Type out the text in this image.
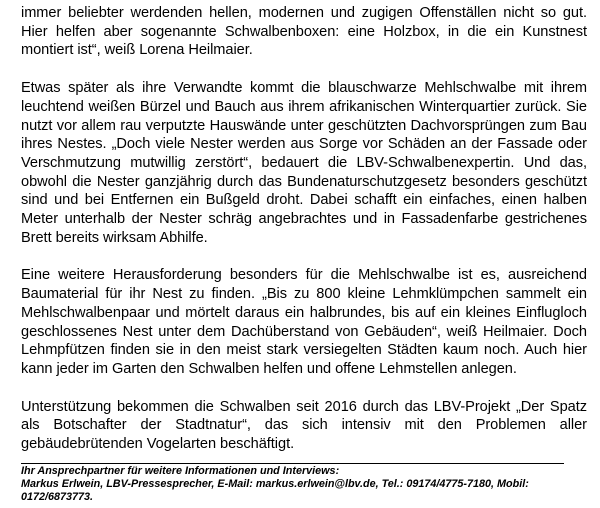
immer beliebter werdenden hellen, modernen und zugigen Offenställen nicht so gut. Hier helfen aber sogenannte Schwalbenboxen: eine Holzbox, in die ein Kunstnest montiert ist“, weiß Lorena Heilmaier.

Etwas später als ihre Verwandte kommt die blauschwarze Mehlschwalbe mit ihrem leuchtend weißen Bürzel und Bauch aus ihrem afrikanischen Winterquartier zurück. Sie nutzt vor allem rau verputzte Hauswände unter geschützten Dachvorsprüngen zum Bau ihres Nestes. „Doch viele Nester werden aus Sorge vor Schäden an der Fassade oder Verschmutzung mutwillig zerstört“, bedauert die LBV-Schwalbenexpertin. Und das, obwohl die Nester ganzjährig durch das Bundenaturschutzgesetz besonders geschützt sind und bei Entfernen ein Bußgeld droht. Dabei schafft ein einfaches, einen halben Meter unterhalb der Nester schräg angebrachtes und in Fassadenfarbe gestrichenes Brett bereits wirksam Abhilfe.

Eine weitere Herausforderung besonders für die Mehlschwalbe ist es, ausreichend Baumaterial für ihr Nest zu finden. „Bis zu 800 kleine Lehmklümpchen sammelt ein Mehlschwalbenpaar und mörtelt daraus ein halbrundes, bis auf ein kleines Einflugloch geschlossenes Nest unter dem Dachüberstand von Gebäuden“, weiß Heilmaier. Doch Lehmpfützen finden sie in den meist stark versiegelten Städten kaum noch. Auch hier kann jeder im Garten den Schwalben helfen und offene Lehmstellen anlegen.

Unterstützung bekommen die Schwalben seit 2016 durch das LBV-Projekt „Der Spatz als Botschafter der Stadtnatur“, das sich intensiv mit den Problemen aller gebäudebrütenden Vogelarten beschäftigt.

Ihr Ansprechpartner für weitere Informationen und Interviews:
Markus Erlwein, LBV-Pressesprecher, E-Mail: markus.erlwein@lbv.de, Tel.: 09174/4775-7180, Mobil:
0172/6873773.
